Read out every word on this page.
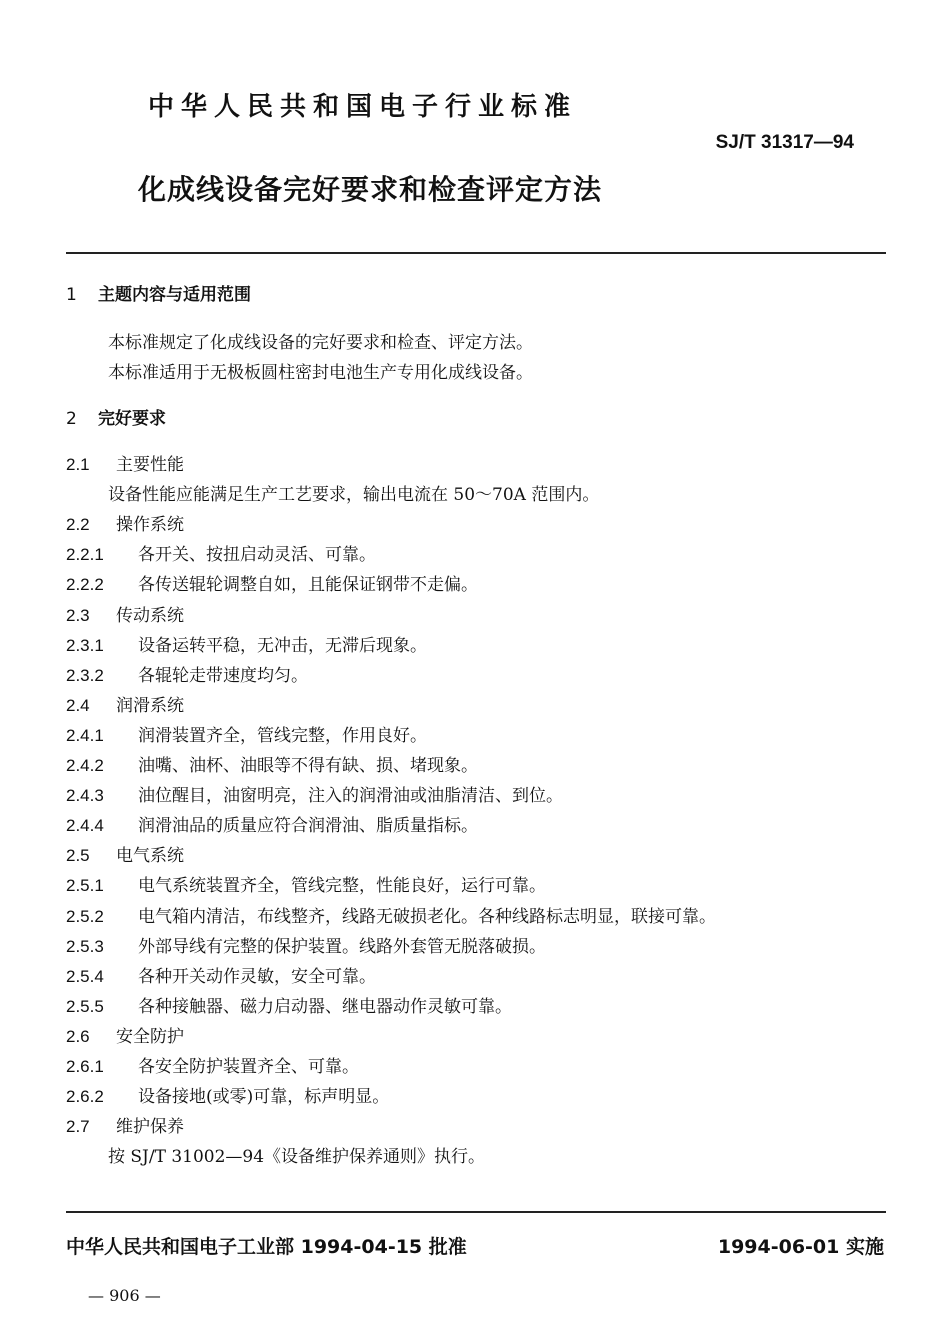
中华人民共和国电子行业标准
SJ/T 31317—94
化成线设备完好要求和检查评定方法
1 主题内容与适用范围
本标准规定了化成线设备的完好要求和检查、评定方法。
本标准适用于无极板圆柱密封电池生产专用化成线设备。
2 完好要求
2.1 主要性能
设备性能应能满足生产工艺要求，输出电流在 50～70A 范围内。
2.2 操作系统
2.2.1 各开关、按扭启动灵活、可靠。
2.2.2 各传送辊轮调整自如，且能保证钢带不走偏。
2.3 传动系统
2.3.1 设备运转平稳，无冲击，无滞后现象。
2.3.2 各辊轮走带速度均匀。
2.4 润滑系统
2.4.1 润滑装置齐全，管线完整，作用良好。
2.4.2 油嘴、油杯、油眼等不得有缺、损、堵现象。
2.4.3 油位醒目，油窗明亮，注入的润滑油或油脂清洁、到位。
2.4.4 润滑油品的质量应符合润滑油、脂质量指标。
2.5 电气系统
2.5.1 电气系统装置齐全，管线完整，性能良好，运行可靠。
2.5.2 电气箱内清洁，布线整齐，线路无破损老化。各种线路标志明显，联接可靠。
2.5.3 外部导线有完整的保护装置。线路外套管无脱落破损。
2.5.4 各种开关动作灵敏，安全可靠。
2.5.5 各种接触器、磁力启动器、继电器动作灵敏可靠。
2.6 安全防护
2.6.1 各安全防护装置齐全、可靠。
2.6.2 设备接地(或零)可靠，标声明显。
2.7 维护保养
按 SJ/T 31002—94《设备维护保养通则》执行。
中华人民共和国电子工业部 1994-04-15 批准	1994-06-01 实施
— 906 —
